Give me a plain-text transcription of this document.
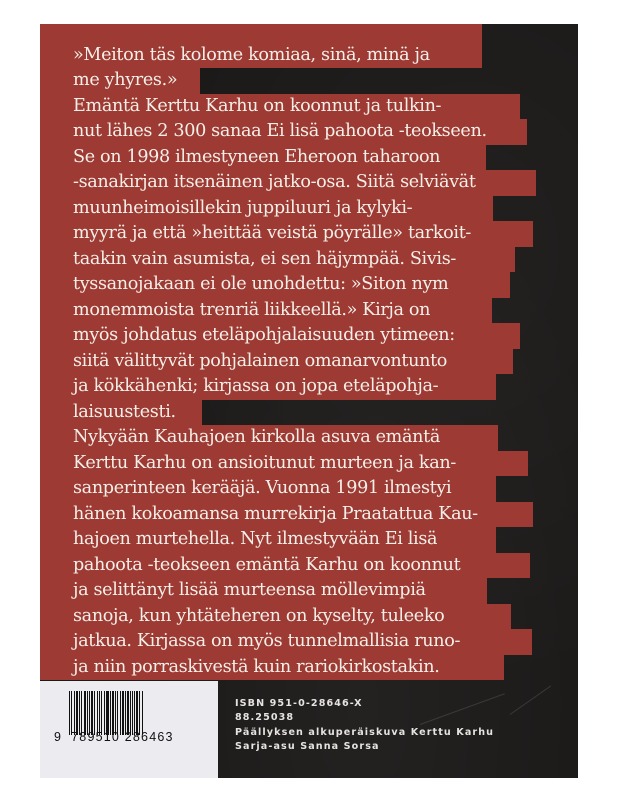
»Meiton täs kolome komiaa, sinä, minä ja
me yhyres.»
Emäntä Kerttu Karhu on koonnut ja tulkin-
nut lähes 2 300 sanaa Ei lisä pahoota -teokseen.
Se on 1998 ilmestyneen Eheroon taharoon
-sanakirjan itsenäinen jatko-osa. Siitä selviävät
muunheimoisillekin juppiluuri ja kylyki-
myyrä ja että »heittää veistä pöyrälle» tarkoit-
taakin vain asumista, ei sen häjympää. Sivis-
tyssanojakaan ei ole unohdettu: »Siton nym
monemmoista trenriä liikkeellä.» Kirja on
myös johdatus eteläpohjalaisuuden ytimeen:
siitä välittyvät pohjalainen omanarvontunto
ja kökkähenki; kirjassa on jopa eteläpohja-
laisuustesti.
Nykyään Kauhajoen kirkolla asuva emäntä
Kerttu Karhu on ansioitunut murteen ja kan-
sanperinteen kerääjä. Vuonna 1991 ilmestyi
hänen kokoamansa murrekirja Praatattua Kau-
hajoen murtehella. Nyt ilmestyvään Ei lisä
pahoota -teokseen emäntä Karhu on koonnut
ja selittänyt lisää murteensa möllevimpiä
sanoja, kun yhtäteheren on kyselty, tuleeko
jatkua. Kirjassa on myös tunnelmallisia runo-
ja niin porraskivestä kuin rariokirkostakin.
9 789510 286463
ISBN 951-0-28646-X
88.25038
Päällyksen alkuperäiskuva Kerttu Karhu
Sarja-asu Sanna Sorsa
